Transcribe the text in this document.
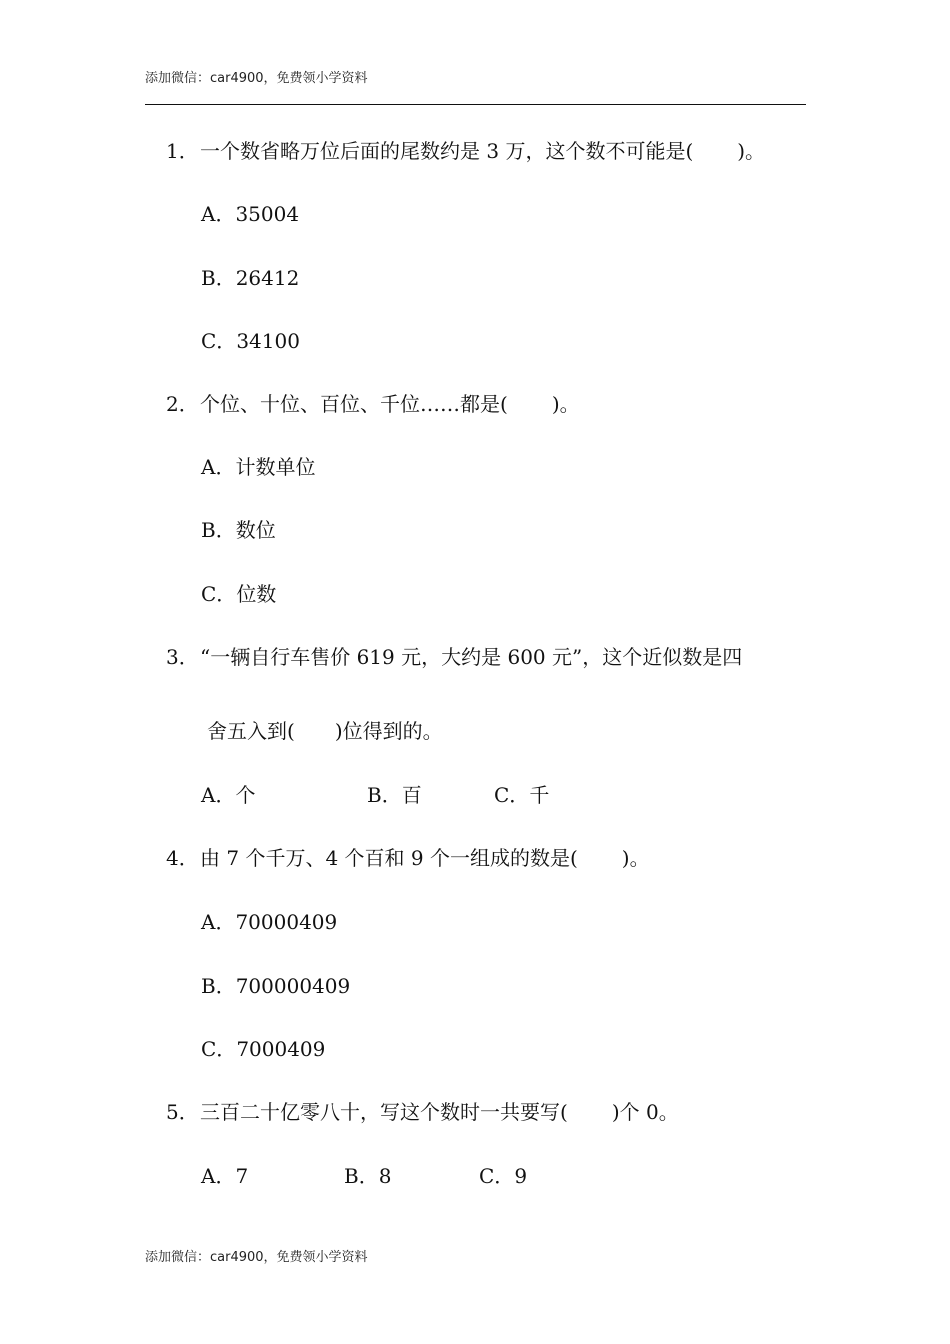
添加微信：car4900，免费领小学资料
1．一个数省略万位后面的尾数约是 3 万，这个数不可能是( )。
A．35004
B．26412
C．34100
2．个位、十位、百位、千位……都是( )。
A．计数单位
B．数位
C．位数
3．“一辆自行车售价 619 元，大约是 600 元”，这个近似数是四
舍五入到( )位得到的。
A．个	B．百	C．千
4．由 7 个千万、4 个百和 9 个一组成的数是( )。
A．70000409
B．700000409
C．7000409
5．三百二十亿零八十，写这个数时一共要写( )个 0。
A．7	B．8	C．9
添加微信：car4900，免费领小学资料
